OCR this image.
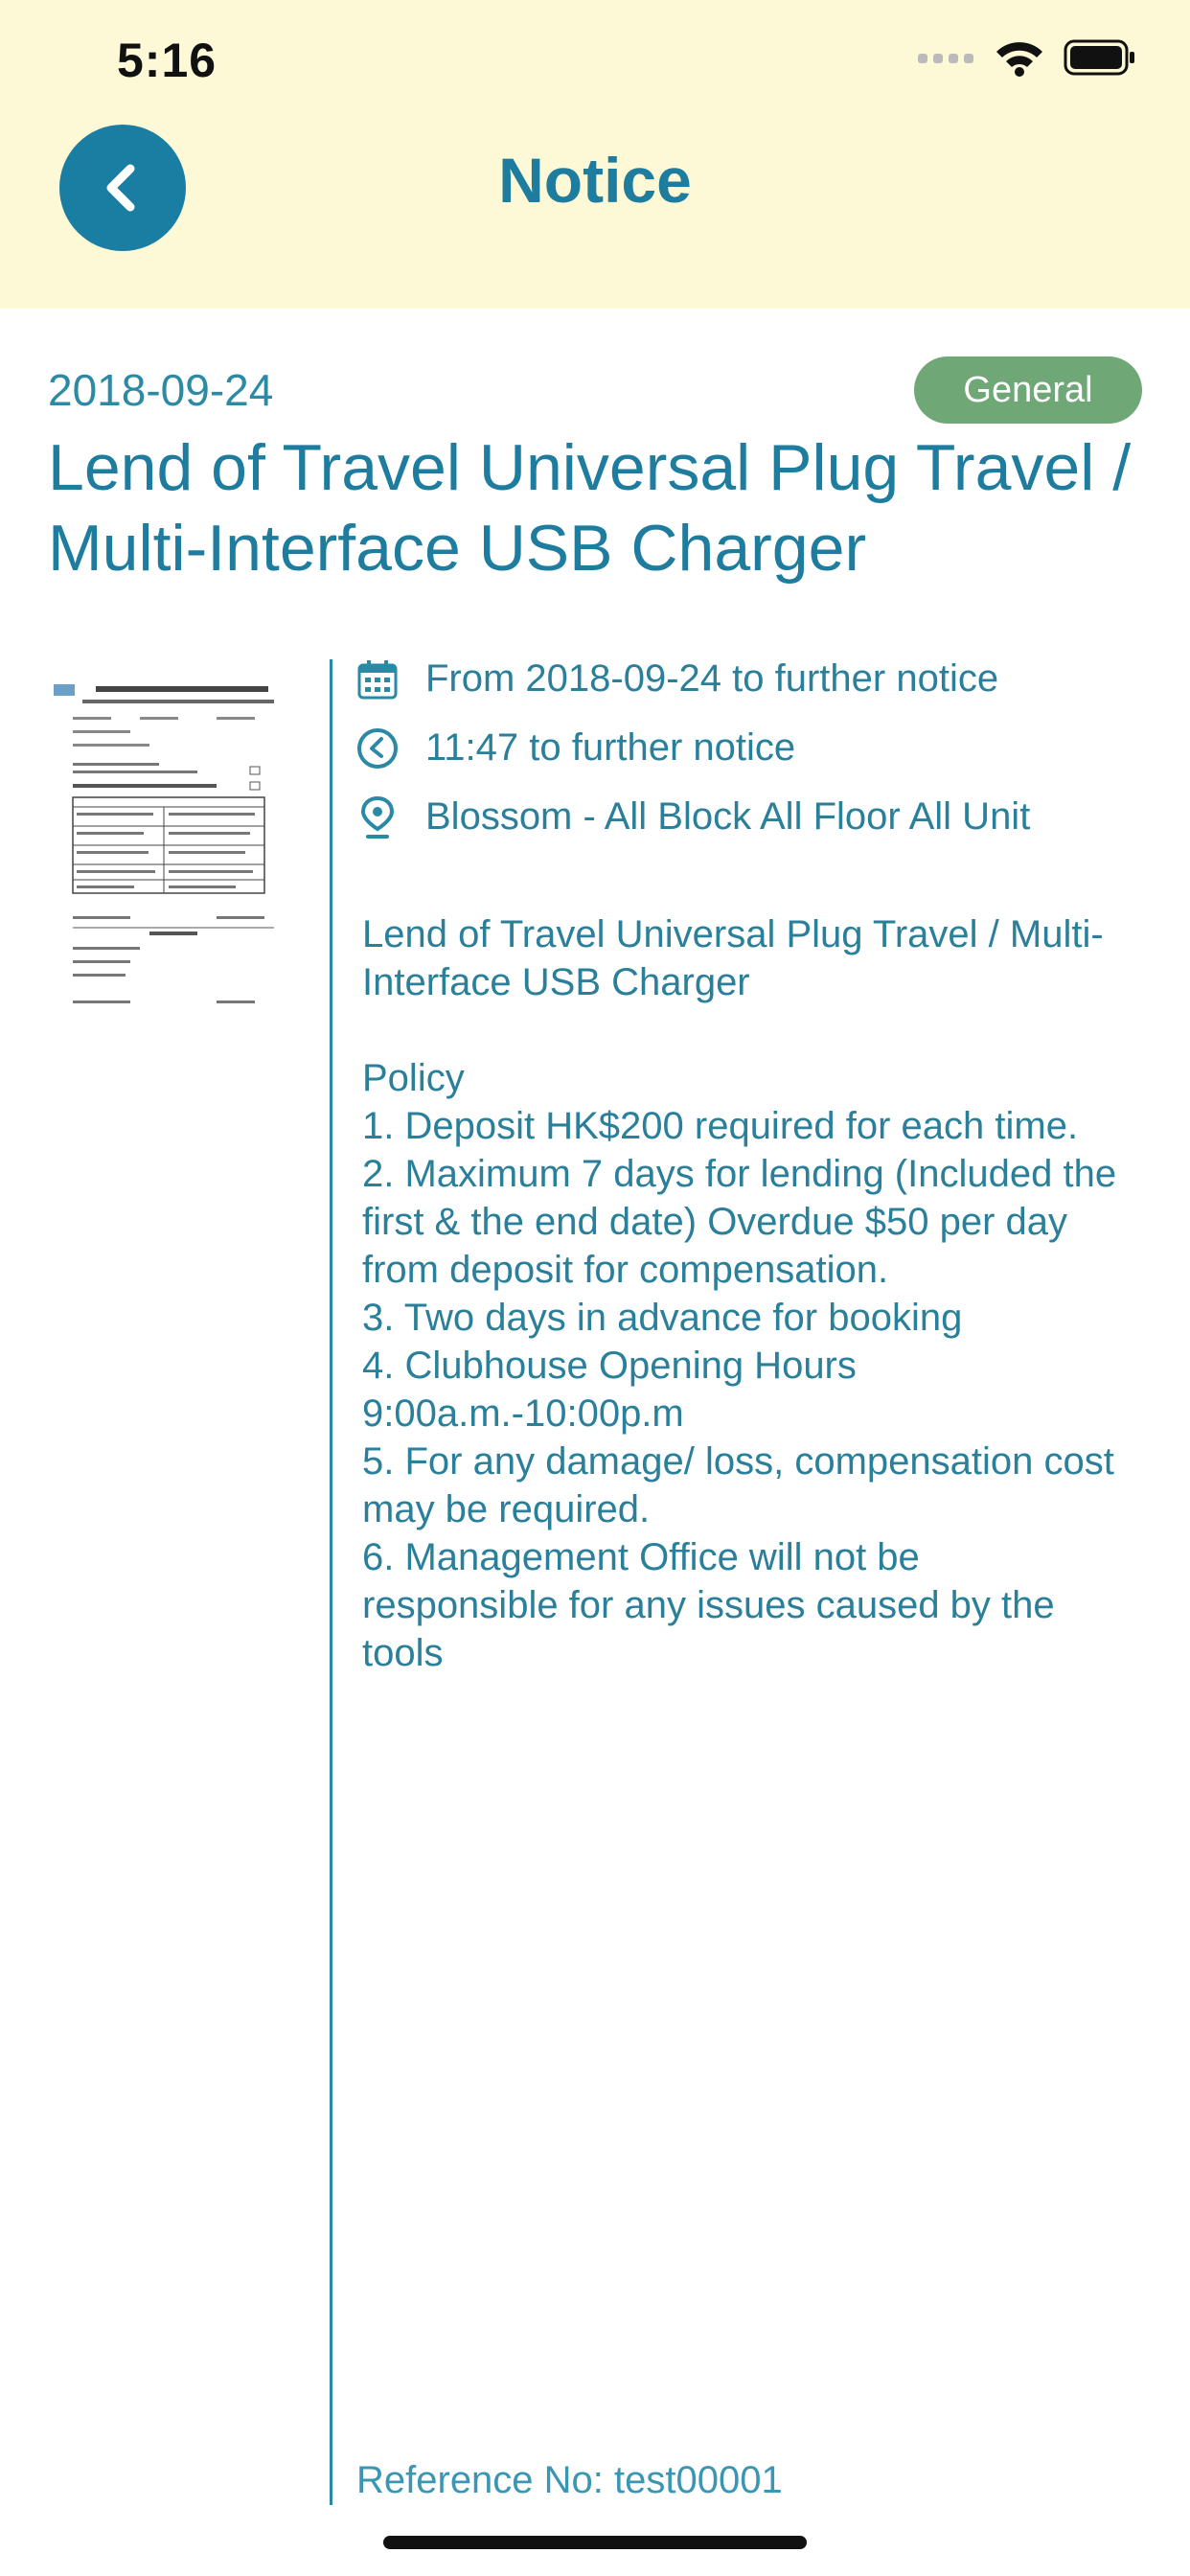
5:16
Notice
2018-09-24	General
Lend of Travel Universal Plug Travel / Multi-Interface USB Charger
From 2018-09-24 to further notice
11:47 to further notice
Blossom - All Block All Floor All Unit
Lend of Travel Universal Plug Travel / Multi-Interface USB Charger

Policy
1. Deposit HK$200 required for each time.
2. Maximum 7 days for lending (Included the first & the end date) Overdue $50 per day from deposit for compensation.
3. Two days in advance for booking
4. Clubhouse Opening Hours 9:00a.m.-10:00p.m
5. For any damage/ loss, compensation cost may be required.
6. Management Office will not be responsible for any issues caused by the tools
Reference No: test00001
